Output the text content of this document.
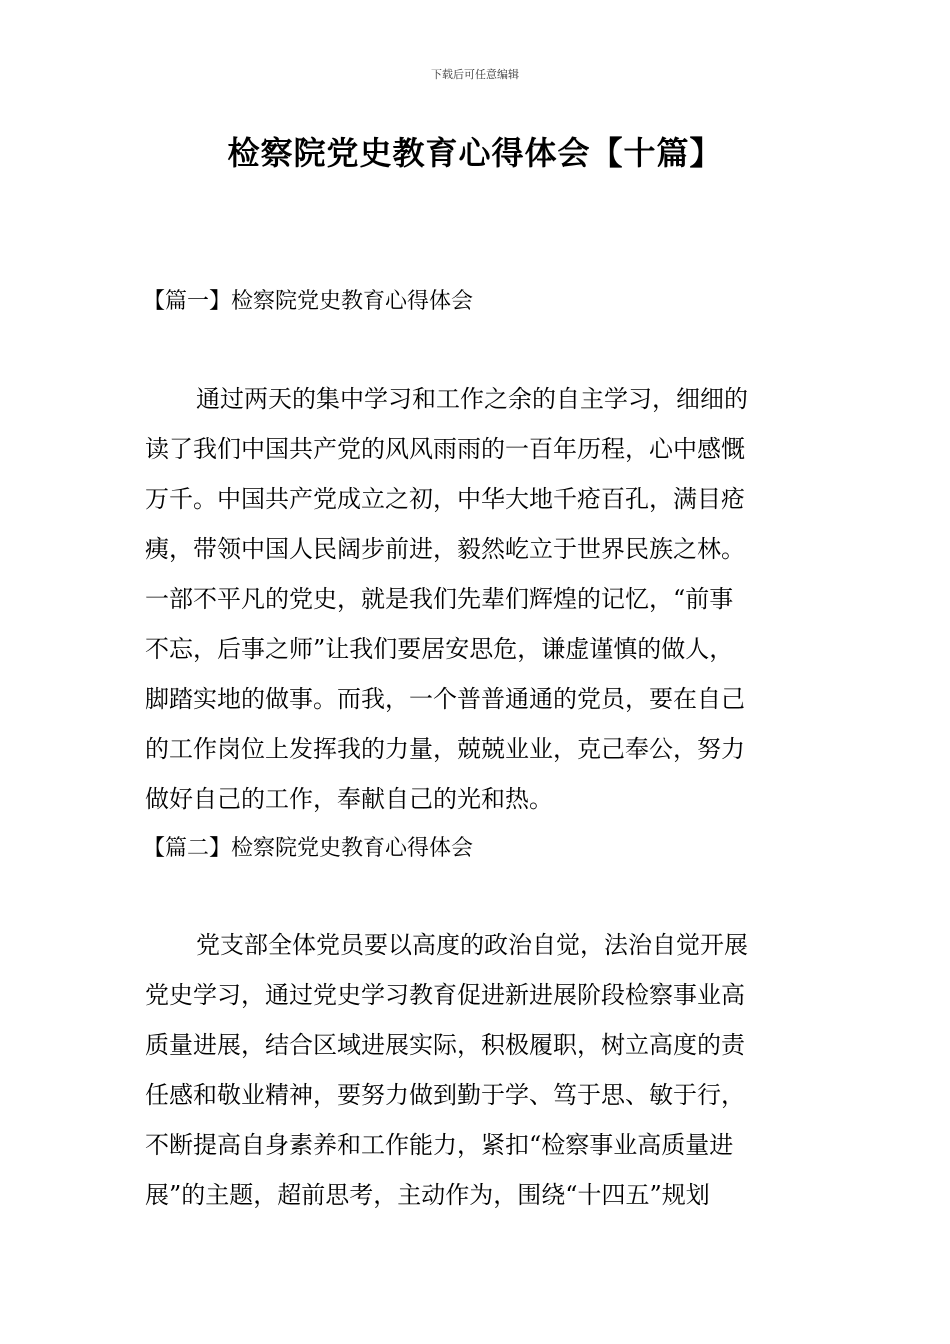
下载后可任意编辑
检察院党史教育心得体会【十篇】
【篇一】检察院党史教育心得体会
通过两天的集中学习和工作之余的自主学习，细细的
读了我们中国共产党的风风雨雨的一百年历程，心中感慨
万千。中国共产党成立之初，中华大地千疮百孔，满目疮
痍，带领中国人民阔步前进，毅然屹立于世界民族之林。
一部不平凡的党史，就是我们先辈们辉煌的记忆，“前事
不忘，后事之师”让我们要居安思危，谦虚谨慎的做人，
脚踏实地的做事。而我，一个普普通通的党员，要在自己
的工作岗位上发挥我的力量，兢兢业业，克己奉公，努力
做好自己的工作，奉献自己的光和热。
【篇二】检察院党史教育心得体会
党支部全体党员要以高度的政治自觉，法治自觉开展
党史学习，通过党史学习教育促进新进展阶段检察事业高
质量进展，结合区域进展实际，积极履职，树立高度的责
任感和敬业精神，要努力做到勤于学、笃于思、敏于行，
不断提高自身素养和工作能力，紧扣“检察事业高质量进
展”的主题，超前思考，主动作为，围绕“十四五”规划
